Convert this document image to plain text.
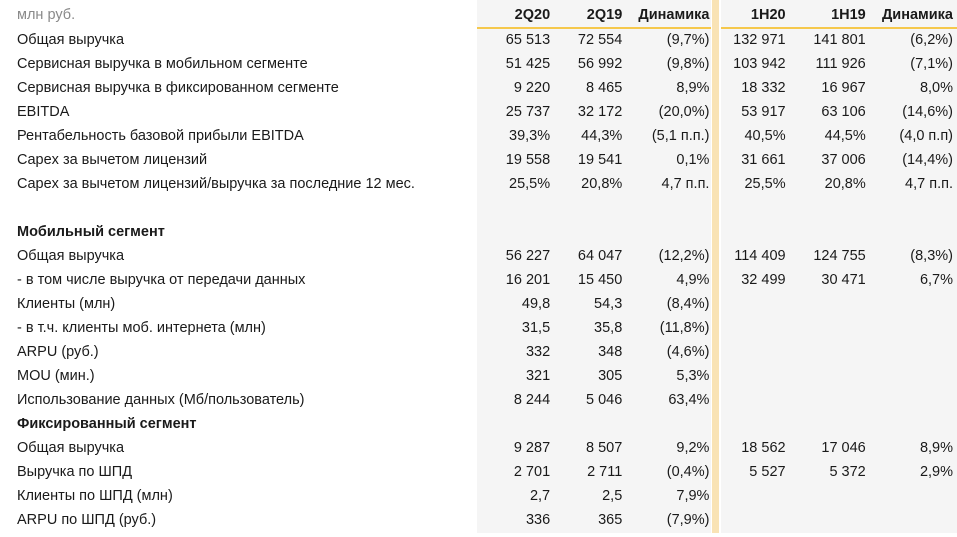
млн руб.	2Q20	2Q19	Динамика		1H20	1H19	Динамика
Общая выручка	65 513	72 554	(9,7%)		132 971	141 801	(6,2%)
Сервисная выручка в мобильном сегменте	51 425	56 992	(9,8%)		103 942	111 926	(7,1%)
Сервисная выручка в фиксированном сегменте	9 220	8 465	8,9%		18 332	16 967	8,0%
EBITDA	25 737	32 172	(20,0%)		53 917	63 106	(14,6%)
Рентабельность базовой прибыли EBITDA	39,3%	44,3%	(5,1 п.п.)		40,5%	44,5%	(4,0 п.п)
Capex за вычетом лицензий	19 558	19 541	0,1%		31 661	37 006	(14,4%)
Capex за вычетом лицензий/выручка за последние 12 мес.	25,5%	20,8%	4,7 п.п.		25,5%	20,8%	4,7 п.п.

Мобильный сегмент							
Общая выручка	56 227	64 047	(12,2%)		114 409	124 755	(8,3%)
- в том числе выручка от передачи данных	16 201	15 450	4,9%		32 499	30 471	6,7%
Клиенты (млн)	49,8	54,3	(8,4%)				
- в т.ч. клиенты моб. интернета (млн)	31,5	35,8	(11,8%)				
ARPU (руб.)	332	348	(4,6%)				
MOU (мин.)	321	305	5,3%				
Использование данных (Мб/пользователь)	8 244	5 046	63,4%				
Фиксированный сегмент							
Общая выручка	9 287	8 507	9,2%		18 562	17 046	8,9%
Выручка по ШПД	2 701	2 711	(0,4%)		5 527	5 372	2,9%
Клиенты по ШПД (млн)	2,7	2,5	7,9%				
ARPU по ШПД (руб.)	336	365	(7,9%)				
